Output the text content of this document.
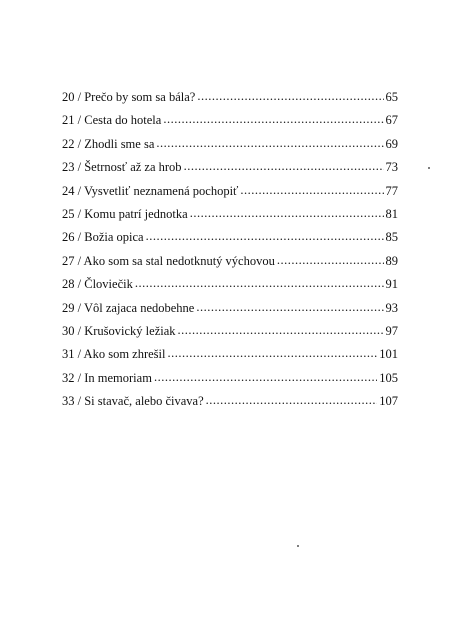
20 / Prečo by som sa bála? .....	65
21 / Cesta do hotela .....	67
22 / Zhodli sme sa .....	69
23 / Šetrnosť až za hrob .....	73
24 / Vysvetliť neznamená pochopiť .....	77
25 / Komu patrí jednotka .....	81
26 / Božia opica .....	85
27 / Ako som sa stal nedotknutý výchovou .....	89
28 / Človiečik .....	91
29 / Vôl zajaca nedobehne .....	93
30 / Krušovický ležiak .....	97
31 / Ako som zhrešil .....	101
32 / In memoriam .....	105
33 / Si stavač, alebo čivava? .....	107
